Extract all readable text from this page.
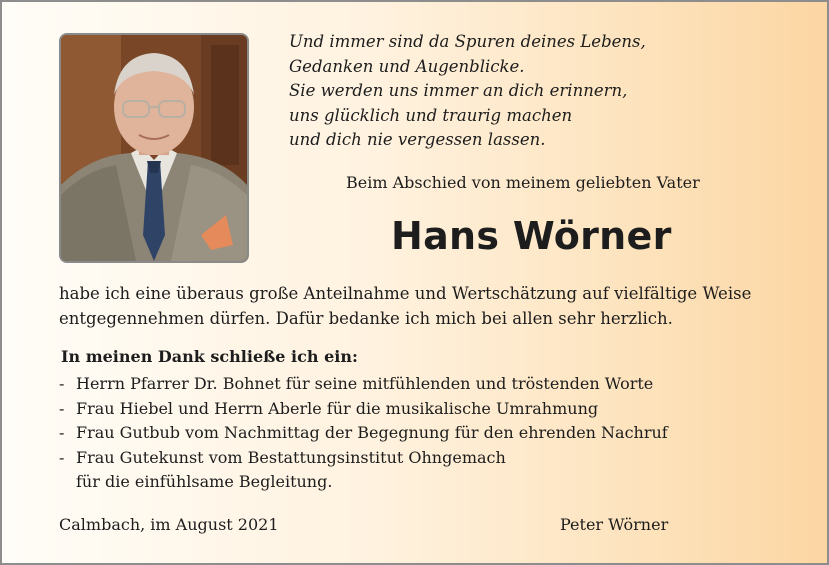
Und immer sind da Spuren deines Lebens,
Gedanken und Augenblicke.
Sie werden uns immer an dich erinnern,
uns glücklich und traurig machen
und dich nie vergessen lassen.
Beim Abschied von meinem geliebten Vater
Hans Wörner

habe ich eine überaus große Anteilnahme und Wertschätzung auf vielfältige Weise
entgegennehmen dürfen. Dafür bedanke ich mich bei allen sehr herzlich.

In meinen Dank schließe ich ein:
- Herrn Pfarrer Dr. Bohnet für seine mitfühlenden und tröstenden Worte
- Frau Hiebel und Herrn Aberle für die musikalische Umrahmung
- Frau Gutbub vom Nachmittag der Begegnung für den ehrenden Nachruf
- Frau Gutekunst vom Bestattungsinstitut Ohngemach
für die einfühlsame Begleitung.
Calmbach, im August 2021	Peter Wörner
